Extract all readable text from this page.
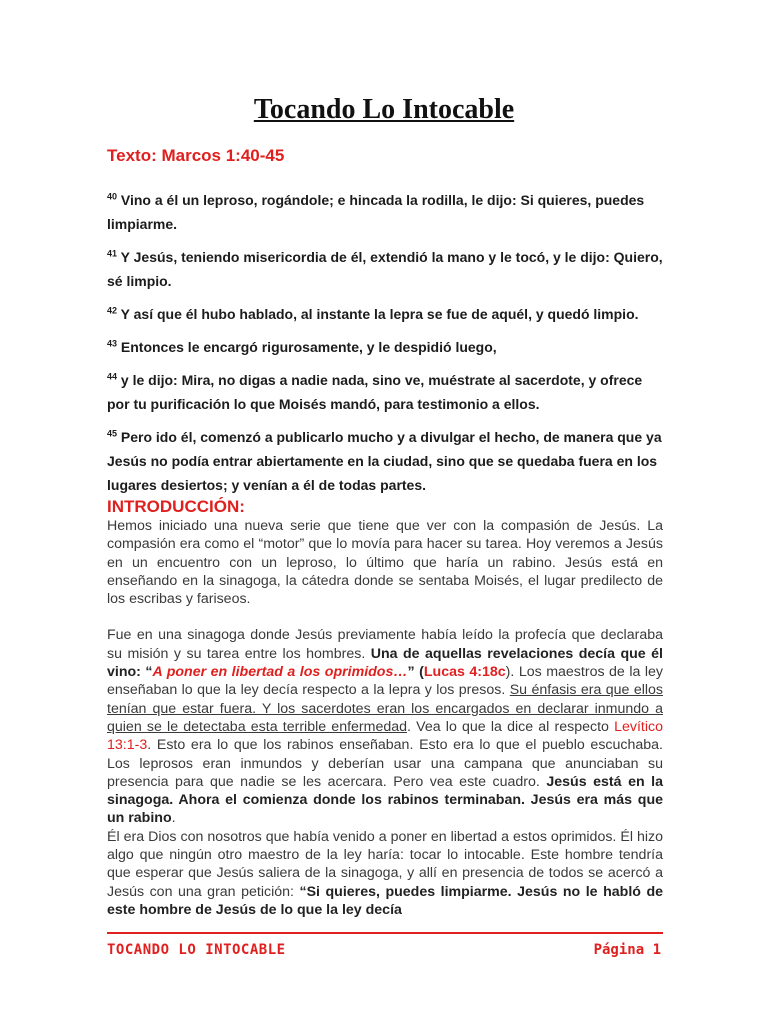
Tocando Lo Intocable
Texto: Marcos 1:40-45

$^{40}$ Vino a él un leproso, rogándole; e hincada la rodilla, le dijo: Si quieres, puedes limpiarme.

$^{41}$ Y Jesús, teniendo misericordia de él, extendió la mano y le tocó, y le dijo: Quiero, sé limpio.

$^{42}$ Y así que él hubo hablado, al instante la lepra se fue de aquél, y quedó limpio.

$^{43}$ Entonces le encargó rigurosamente, y le despidió luego,

$^{44}$ y le dijo: Mira, no digas a nadie nada, sino ve, muéstrate al sacerdote, y ofrece por tu purificación lo que Moisés mandó, para testimonio a ellos.

$^{45}$ Pero ido él, comenzó a publicarlo mucho y a divulgar el hecho, de manera que ya Jesús no podía entrar abiertamente en la ciudad, sino que se quedaba fuera en los lugares desiertos; y venían a él de todas partes.

INTRODUCCIÓN:

Hemos iniciado una nueva serie que tiene que ver con la compasión de Jesús. La compasión era como el “motor” que lo movía para hacer su tarea. Hoy veremos a Jesús en un encuentro con un leproso, lo último que haría un rabino. Jesús está en enseñando en la sinagoga, la cátedra donde se sentaba Moisés, el lugar predilecto de los escribas y fariseos.

Fue en una sinagoga donde Jesús previamente había leído la profecía que declaraba su misión y su tarea entre los hombres. Una de aquellas revelaciones decía que él vino: “A poner en libertad a los oprimidos…” (Lucas 4:18c). Los maestros de la ley enseñaban lo que la ley decía respecto a la lepra y los presos. Su énfasis era que ellos tenían que estar fuera. Y los sacerdotes eran los encargados en declarar inmundo a quien se le detectaba esta terrible enfermedad. Vea lo que la dice al respecto Levítico 13:1-3. Esto era lo que los rabinos enseñaban. Esto era lo que el pueblo escuchaba. Los leprosos eran inmundos y deberían usar una campana que anunciaban su presencia para que nadie se les acercara. Pero vea este cuadro. Jesús está en la sinagoga. Ahora el comienza donde los rabinos terminaban. Jesús era más que un rabino.

Él era Dios con nosotros que había venido a poner en libertad a estos oprimidos. Él hizo algo que ningún otro maestro de la ley haría: tocar lo intocable. Este hombre tendría que esperar que Jesús saliera de la sinagoga, y allí en presencia de todos se acercó a Jesús con una gran petición: “Si quieres, puedes limpiarme. Jesús no le habló de este hombre de Jesús de lo que la ley decía

TOCANDO LO INTOCABLE	Página 1
